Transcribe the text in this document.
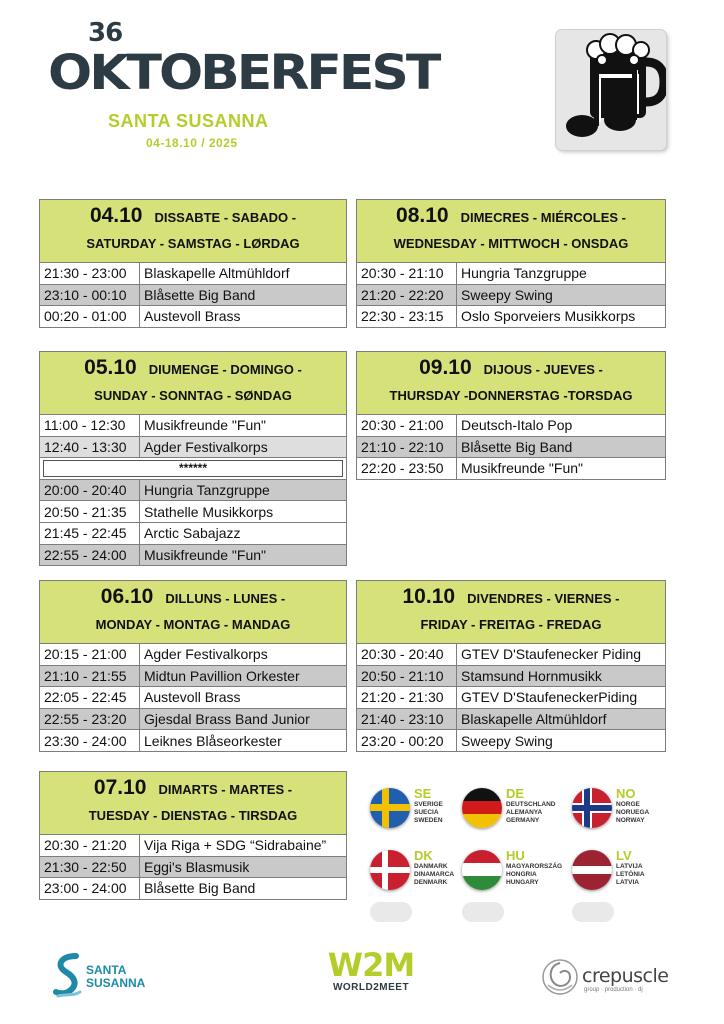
36
OKTOBERFEST
SANTA SUSANNA
04-18.10 / 2025
04.10 DISSABTE - SABADO -
SATURDAY - SAMSTAG - LØRDAG
21:30 - 23:00	Blaskapelle Altmühldorf
23:10 - 00:10	Blåsette Big Band
00:20 - 01:00	Austevoll Brass
08.10 DIMECRES - MIÉRCOLES -
WEDNESDAY - MITTWOCH - ONSDAG
20:30 - 21:10	Hungria Tanzgruppe
21:20 - 22:20	Sweepy Swing
22:30 - 23:15	Oslo Sporveiers Musikkorps
05.10 DIUMENGE - DOMINGO -
SUNDAY - SONNTAG - SØNDAG
11:00 - 12:30	Musikfreunde "Fun"
12:40 - 13:30	Agder Festivalkorps
******
20:00 - 20:40	Hungria Tanzgruppe
20:50 - 21:35	Stathelle Musikkorps
21:45 - 22:45	Arctic Sabajazz
22:55 - 24:00	Musikfreunde "Fun"
09.10 DIJOUS - JUEVES -
THURSDAY -DONNERSTAG -TORSDAG
20:30 - 21:00	Deutsch-Italo Pop
21:10 - 22:10	Blåsette Big Band
22:20 - 23:50	Musikfreunde "Fun"
06.10 DILLUNS - LUNES -
MONDAY - MONTAG - MANDAG
20:15 - 21:00	Agder Festivalkorps
21:10 - 21:55	Midtun Pavillion Orkester
22:05 - 22:45	Austevoll Brass
22:55 - 23:20	Gjesdal Brass Band Junior
23:30 - 24:00	Leiknes Blåseorkester
10.10 DIVENDRES - VIERNES -
FRIDAY - FREITAG - FREDAG
20:30 - 20:40	GTEV D'Staufenecker Piding
20:50 - 21:10	Stamsund Hornmusikk
21:20 - 21:30	GTEV D'StaufeneckerPiding
21:40 - 23:10	Blaskapelle Altmühldorf
23:20 - 00:20	Sweepy Swing
07.10 DIMARTS - MARTES -
TUESDAY - DIENSTAG - TIRSDAG
20:30 - 21:20	Vija Riga + SDG “Sidrabaine”
21:30 - 22:50	Eggi's Blasmusik
23:00 - 24:00	Blåsette Big Band
SE
SVERIGE
SUECIA
SWEDEN
DE
DEUTSCHLAND
ALEMANYA
GERMANY
NO
NORGE
NORUEGA
NORWAY
DK
DANMARK
DINAMARCA
DENMARK
HU
MAGYARORSZÁG
HONGRIA
HUNGARY
LV
LATVIJA
LETÒNIA
LATVIA
SANTA
SUSANNA	W2M
WORLD2MEET
crepuscle
group · production · dj
